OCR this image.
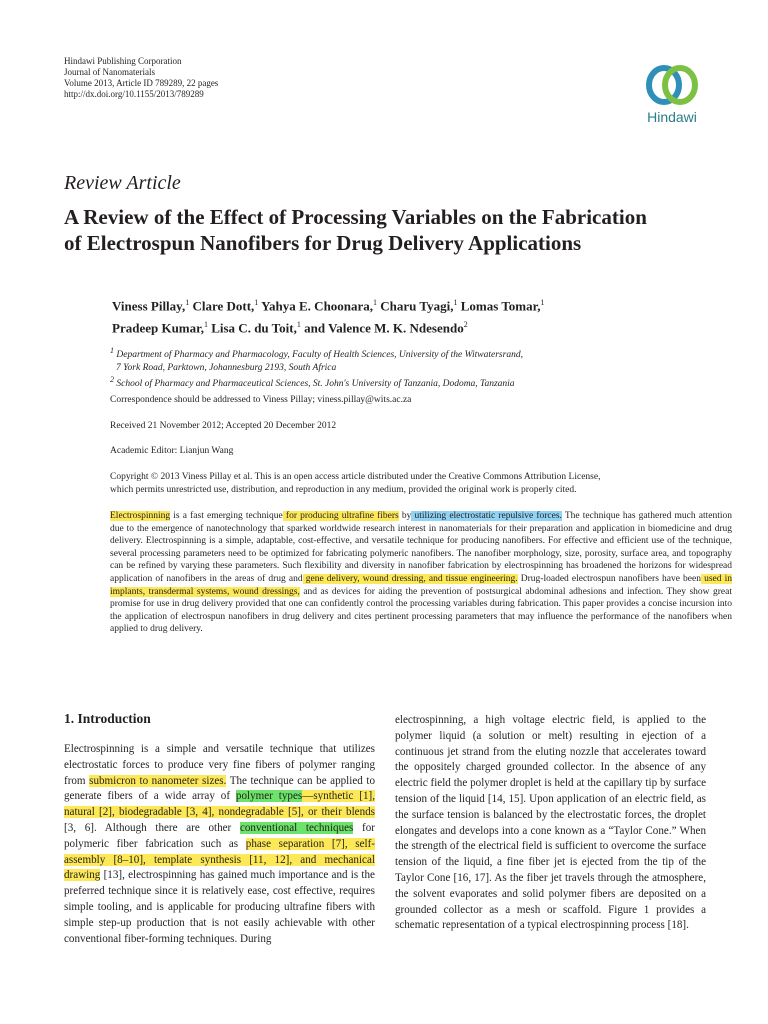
Hindawi Publishing Corporation
Journal of Nanomaterials
Volume 2013, Article ID 789289, 22 pages
http://dx.doi.org/10.1155/2013/789289
Hindawi
Review Article
A Review of the Effect of Processing Variables on the Fabrication
of Electrospun Nanofibers for Drug Delivery Applications
Viness Pillay,$^1$ Clare Dott,$^1$ Yahya E. Choonara,$^1$ Charu Tyagi,$^1$ Lomas Tomar,$^1$
Pradeep Kumar,$^1$ Lisa C. du Toit,$^1$ and Valence M. K. Ndesendo$^2$
$^1$ Department of Pharmacy and Pharmacology, Faculty of Health Sciences, University of the Witwatersrand,
7 York Road, Parktown, Johannesburg 2193, South Africa
$^2$ School of Pharmacy and Pharmaceutical Sciences, St. John's University of Tanzania, Dodoma, Tanzania
Correspondence should be addressed to Viness Pillay; viness.pillay@wits.ac.za
Received 21 November 2012; Accepted 20 December 2012
Academic Editor: Lianjun Wang
Copyright © 2013 Viness Pillay et al. This is an open access article distributed under the Creative Commons Attribution License,
which permits unrestricted use, distribution, and reproduction in any medium, provided the original work is properly cited.
Electrospinning is a fast emerging technique for producing ultrafine fibers by utilizing electrostatic repulsive forces. The technique has gathered much attention due to the emergence of nanotechnology that sparked worldwide research interest in nanomaterials for their preparation and application in biomedicine and drug delivery. Electrospinning is a simple, adaptable, cost-effective, and versatile technique for producing nanofibers. For effective and efficient use of the technique, several processing parameters need to be optimized for fabricating polymeric nanofibers. The nanofiber morphology, size, porosity, surface area, and topography can be refined by varying these parameters. Such flexibility and diversity in nanofiber fabrication by electrospinning has broadened the horizons for widespread application of nanofibers in the areas of drug and gene delivery, wound dressing, and tissue engineering. Drug-loaded electrospun nanofibers have been used in implants, transdermal systems, wound dressings, and as devices for aiding the prevention of postsurgical abdominal adhesions and infection. They show great promise for use in drug delivery provided that one can confidently control the processing variables during fabrication. This paper provides a concise incursion into the application of electrospun nanofibers in drug delivery and cites pertinent processing parameters that may influence the performance of the nanofibers when applied to drug delivery.
1. Introduction
Electrospinning is a simple and versatile technique that utilizes electrostatic forces to produce very fine fibers of polymer ranging from submicron to nanometer sizes. The technique can be applied to generate fibers of a wide array of polymer types—synthetic [1], natural [2], biodegradable [3, 4], nondegradable [5], or their blends [3, 6]. Although there are other conventional techniques for polymeric fiber fabrication such as phase separation [7], self-assembly [8–10], template synthesis [11, 12], and mechanical drawing [13], electrospinning has gained much importance and is the preferred technique since it is relatively ease, cost effective, requires simple tooling, and is applicable for producing ultrafine fibers with simple step-up production that is not easily achievable with other conventional fiber-forming techniques. During
electrospinning, a high voltage electric field, is applied to the polymer liquid (a solution or melt) resulting in ejection of a continuous jet strand from the eluting nozzle that accelerates toward the oppositely charged grounded collector. In the absence of any electric field the polymer droplet is held at the capillary tip by surface tension of the liquid [14, 15]. Upon application of an electric field, as the surface tension is balanced by the electrostatic forces, the droplet elongates and develops into a cone known as a “Taylor Cone.” When the strength of the electrical field is sufficient to overcome the surface tension of the liquid, a fine fiber jet is ejected from the tip of the Taylor Cone [16, 17]. As the fiber jet travels through the atmosphere, the solvent evaporates and solid polymer fibers are deposited on a grounded collector as a mesh or scaffold. Figure 1 provides a schematic representation of a typical electrospinning process [18].
